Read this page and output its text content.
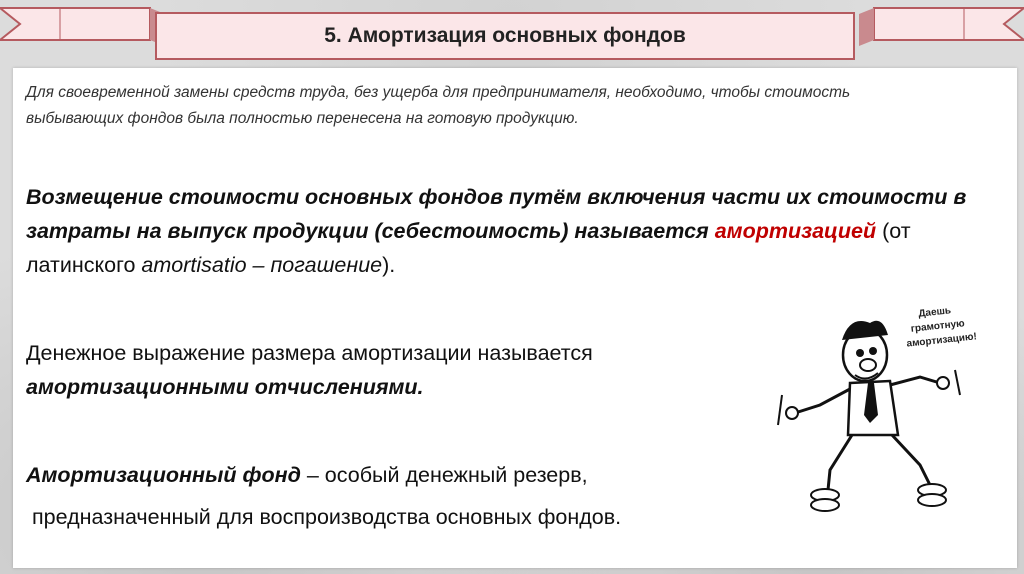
5. Амортизация основных фондов
Для своевременной замены средств труда, без ущерба для предпринимателя, необходимо, чтобы стоимость выбывающих фондов была полностью перенесена на готовую продукцию.
Возмещение стоимости основных фондов путём включения части их стоимости в затраты на выпуск продукции (себестоимость) называется амортизацией (от латинского amortisatio – погашение).
Денежное выражение размера амортизации называется
амортизационными отчислениями.
Амортизационный фонд – особый денежный резерв,
предназначенный для воспроизводства основных фондов.
Даешь
грамотную
амортизацию!
